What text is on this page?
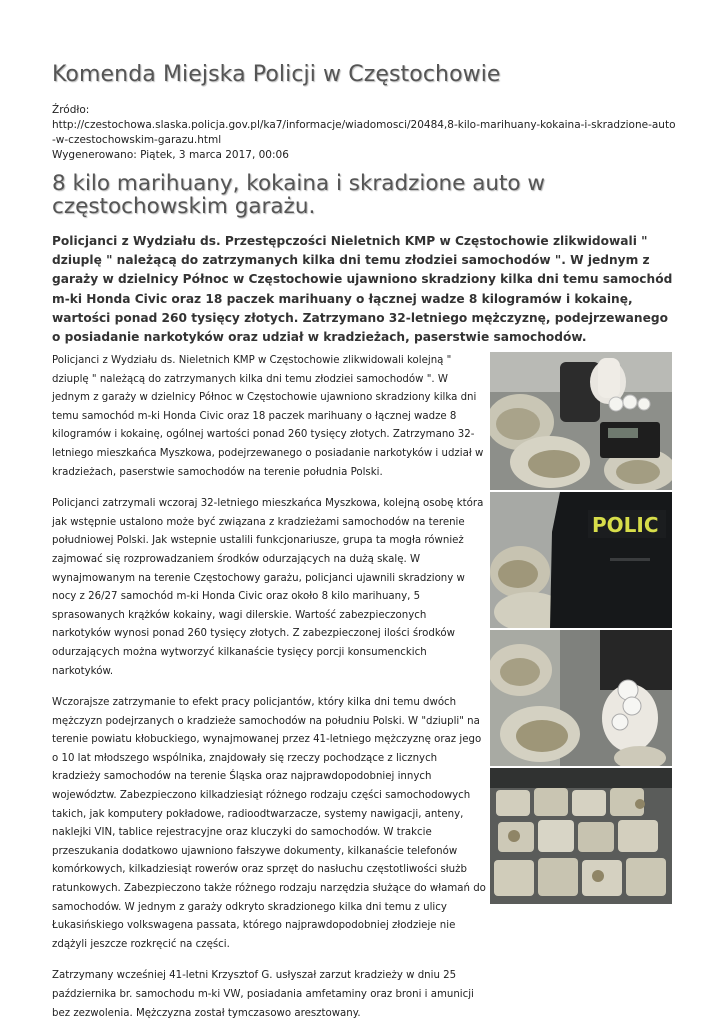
Komenda Miejska Policji w Częstochowie
Źródło:
http://czestochowa.slaska.policja.gov.pl/ka7/informacje/wiadomosci/20484,8-kilo-marihuany-kokaina-i-skradzione-auto-w-czestochowskim-garazu.html
Wygenerowano: Piątek, 3 marca 2017, 00:06
8 kilo marihuany, kokaina i skradzione auto w częstochowskim garażu.

Policjanci z Wydziału ds. Przestępczości Nieletnich KMP w Częstochowie zlikwidowali " dziuplę " należącą do zatrzymanych kilka dni temu złodziei samochodów ". W jednym z garaży w dzielnicy Północ w Częstochowie ujawniono skradziony kilka dni temu samochód m-ki Honda Civic oraz 18 paczek marihuany o łącznej wadze 8 kilogramów i kokainę, wartości ponad 260 tysięcy złotych. Zatrzymano 32-letniego mężczyznę, podejrzewanego o posiadanie narkotyków oraz udział w kradzieżach, paserstwie samochodów.

Policjanci z Wydziału ds. Nieletnich KMP w Częstochowie zlikwidowali kolejną " dziuplę " należącą do zatrzymanych kilka dni temu złodziei samochodów ". W jednym z garaży w dzielnicy Północ w Częstochowie ujawniono skradziony kilka dni temu samochód m-ki Honda Civic oraz 18 paczek marihuany o łącznej wadze 8 kilogramów i kokainę, ogólnej wartości ponad 260 tysięcy złotych. Zatrzymano 32-letniego mieszkańca Myszkowa, podejrzewanego o posiadanie narkotyków i udział w kradzieżach, paserstwie samochodów na terenie południa Polski.

Policjanci zatrzymali wczoraj 32-letniego mieszkańca Myszkowa, kolejną osobę która jak wstępnie ustalono może być związana z kradzieżami samochodów na terenie południowej Polski. Jak wstepnie ustalili funkcjonariusze, grupa ta mogła również zajmować się rozprowadzaniem środków odurzających na dużą skalę. W wynajmowanym na terenie Częstochowy garażu, policjanci ujawnili skradziony w nocy z 26/27 samochód m-ki Honda Civic oraz około 8 kilo marihuany, 5 sprasowanych krążków kokainy, wagi dilerskie. Wartość zabezpieczonych narkotyków wynosi ponad 260 tysięcy złotych. Z zabezpieczonej ilości środków odurzających można wytworzyć kilkanaście tysięcy porcji konsumenckich narkotyków.

Wczorajsze zatrzymanie to efekt pracy policjantów, który kilka dni temu dwóch mężczyzn podejrzanych o kradzieże samochodów na południu Polski. W "dziupli" na terenie powiatu kłobuckiego, wynajmowanej przez 41-letniego mężczyznę oraz jego o 10 lat młodszego wspólnika, znajdowały się rzeczy pochodzące z licznych kradzieży samochodów na terenie Śląska oraz najprawdopodobniej innych województw. Zabezpieczono kilkadziesiąt różnego rodzaju części samochodowych takich, jak komputery pokładowe, radioodtwarzacze, systemy nawigacji, anteny, naklejki VIN, tablice rejestracyjne oraz kluczyki do samochodów. W trakcie przeszukania dodatkowo ujawniono fałszywe dokumenty, kilkanaście telefonów komórkowych, kilkadziesiąt rowerów oraz sprzęt do nasłuchu częstotliwości służb ratunkowych. Zabezpieczono także różnego rodzaju narzędzia służące do włamań do samochodów. W jednym z garaży odkryto skradzionego kilka dni temu z ulicy Łukasińskiego volkswagena passata, którego najprawdopodobniej złodzieje nie zdążyli jeszcze rozkręcić na części.

Zatrzymany wcześniej 41-letni Krzysztof G. usłyszał zarzut kradzieży w dniu 25 października br. samochodu m-ki VW, posiadania amfetaminy oraz broni i amunicji bez zezwolenia. Mężczyzna został tymczasowo aresztowany.

POLIC
